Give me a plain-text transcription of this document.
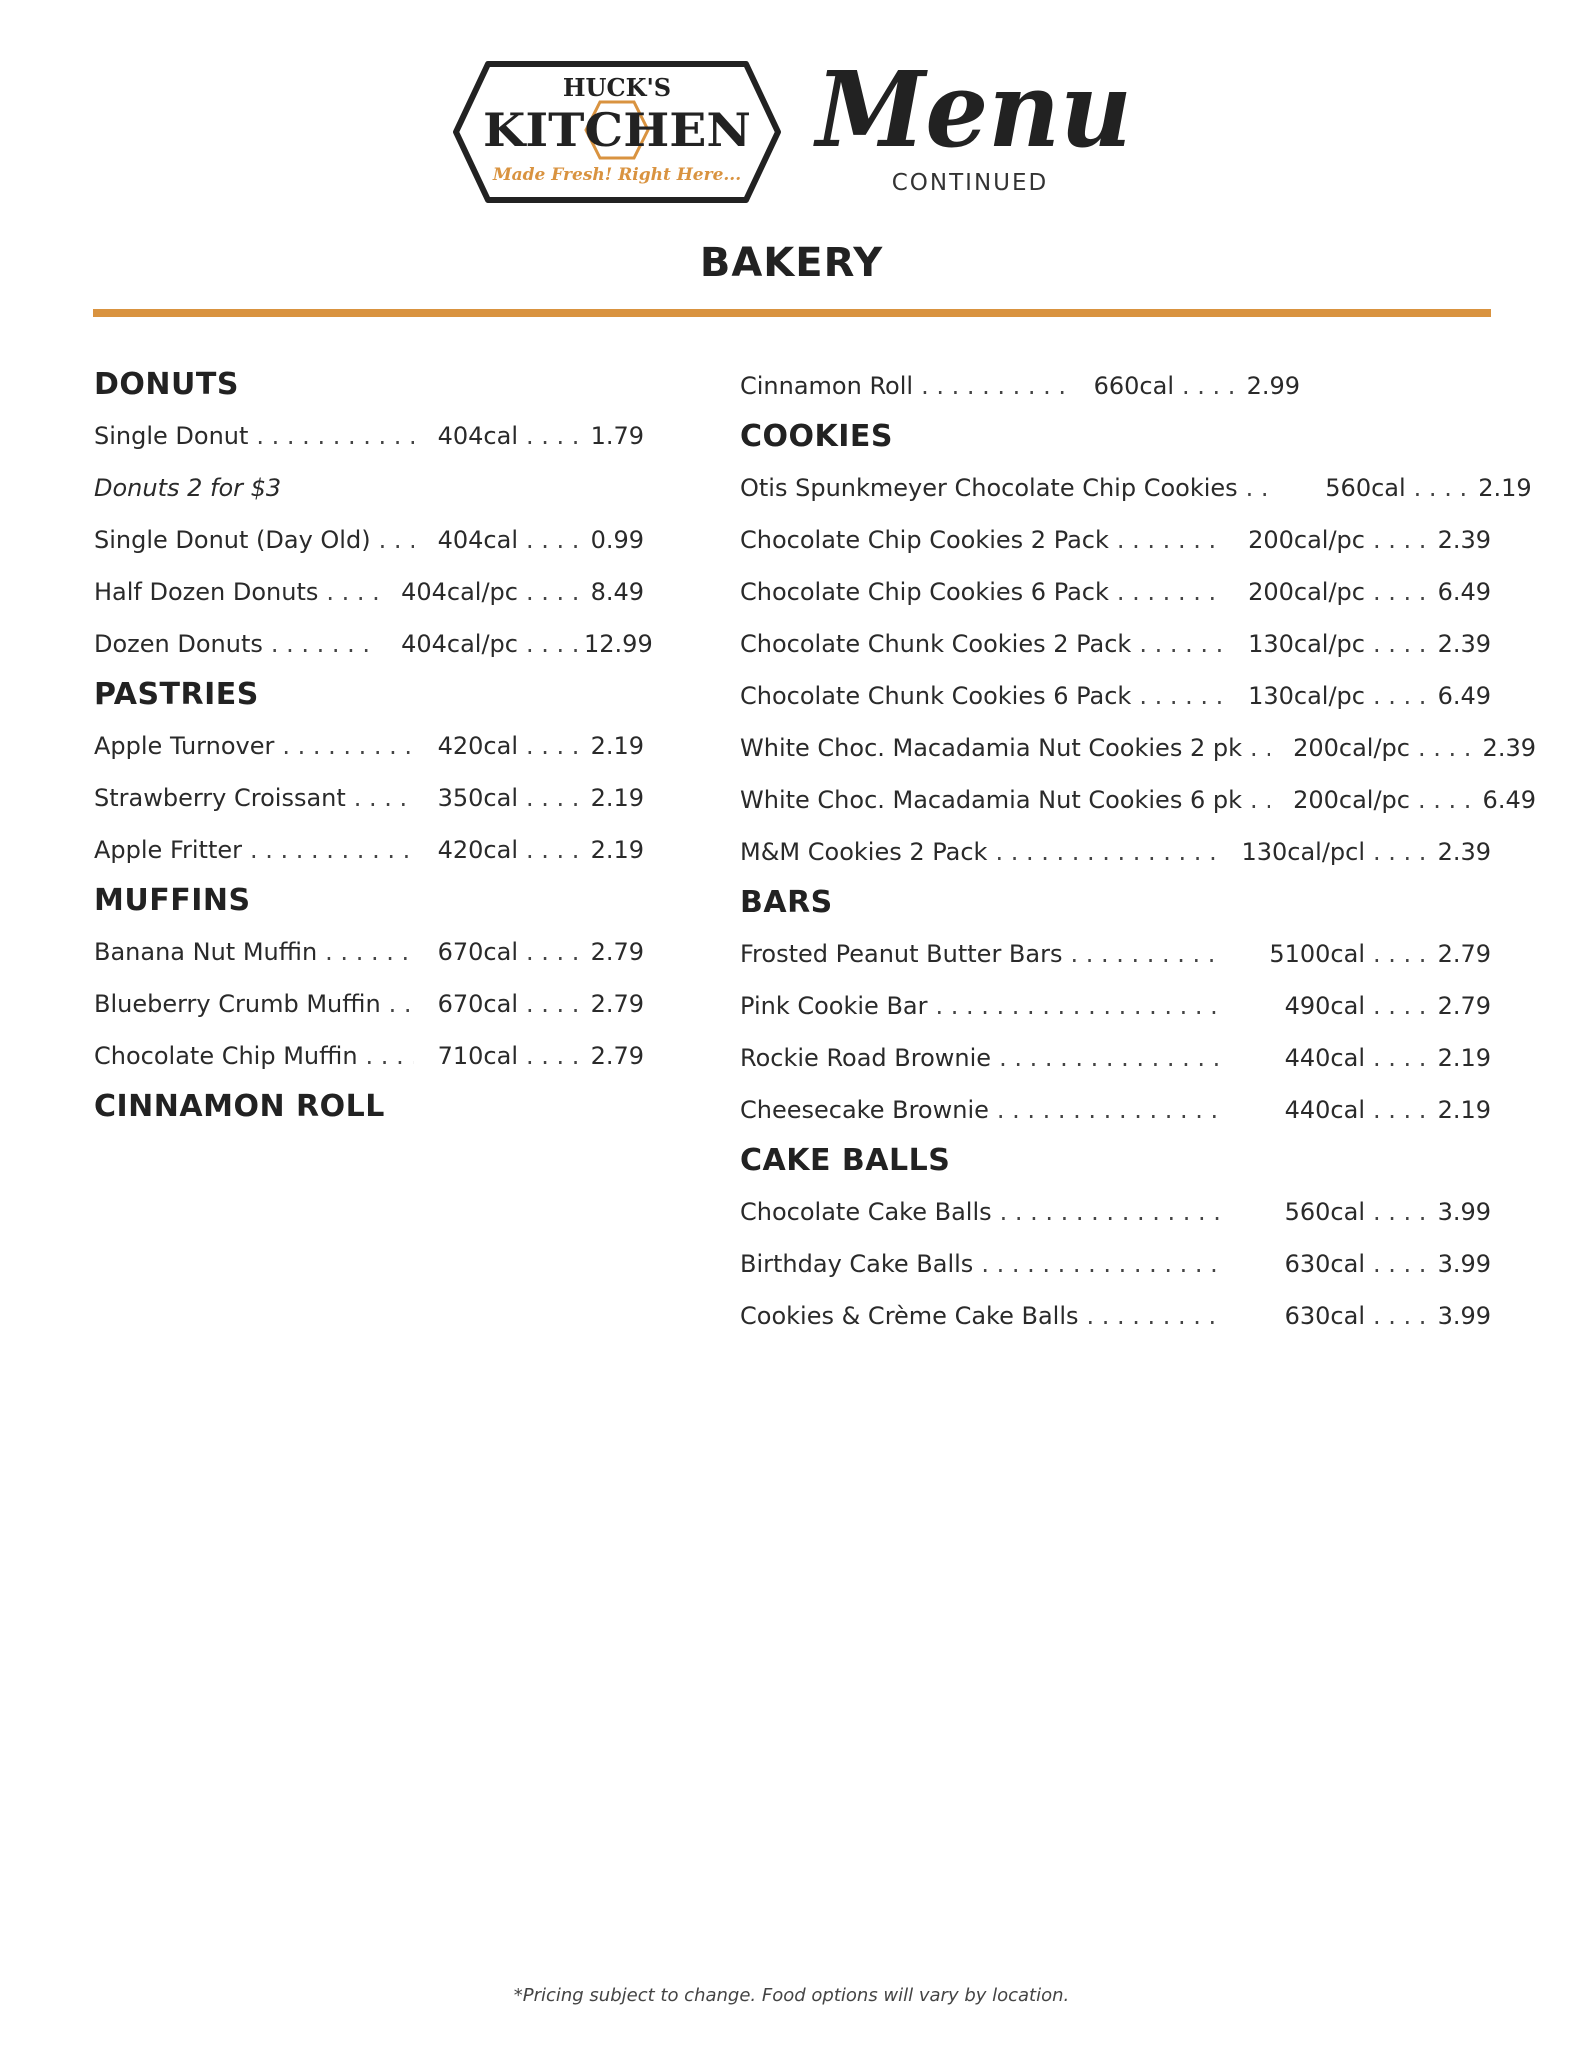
HUCK'S
KITCHEN
Made Fresh! Right Here...
Menu

CONTINUED

BAKERY
DONUTS
Single Donut . . .	404cal . . .	1.79
Donuts 2 for $3
Single Donut (Day Old) . . .	404cal . . .	0.99
Half Dozen Donuts . . .	404cal/pc . . .	8.49
Dozen Donuts . . .	404cal/pc . . .	12.99
PASTRIES
Apple Turnover . . .	420cal . . .	2.19
Strawberry Croissant . . .	350cal . . .	2.19
Apple Fritter . . .	420cal . . .	2.19
MUFFINS
Banana Nut Muffin . . .	670cal . . .	2.79
Blueberry Crumb Muffin . . .	670cal . . .	2.79
Chocolate Chip Muffin . . .	710cal . . .	2.79
CINNAMON ROLL
Cinnamon Roll . . .	660cal . . .	2.99
COOKIES
Otis Spunkmeyer Chocolate Chip Cookies . . .	560cal . . .	2.19
Chocolate Chip Cookies 2 Pack . . .	200cal/pc . . .	2.39
Chocolate Chip Cookies 6 Pack . . .	200cal/pc . . .	6.49
Chocolate Chunk Cookies 2 Pack . . .	130cal/pc . . .	2.39
Chocolate Chunk Cookies 6 Pack . . .	130cal/pc . . .	6.49
White Choc. Macadamia Nut Cookies 2 pk . . .	200cal/pc . . .	2.39
White Choc. Macadamia Nut Cookies 6 pk . . .	200cal/pc . . .	6.49
M&M Cookies 2 Pack . . .	130cal/pcl . . .	2.39
BARS
Frosted Peanut Butter Bars . . .	5100cal . . .	2.79
Pink Cookie Bar . . .	490cal . . .	2.79
Rockie Road Brownie . . .	440cal . . .	2.19
Cheesecake Brownie . . .	440cal . . .	2.19
CAKE BALLS
Chocolate Cake Balls . . .	560cal . . .	3.99
Birthday Cake Balls . . .	630cal . . .	3.99
Cookies & Crème Cake Balls . . .	630cal . . .	3.99

*Pricing subject to change. Food options will vary by location.
